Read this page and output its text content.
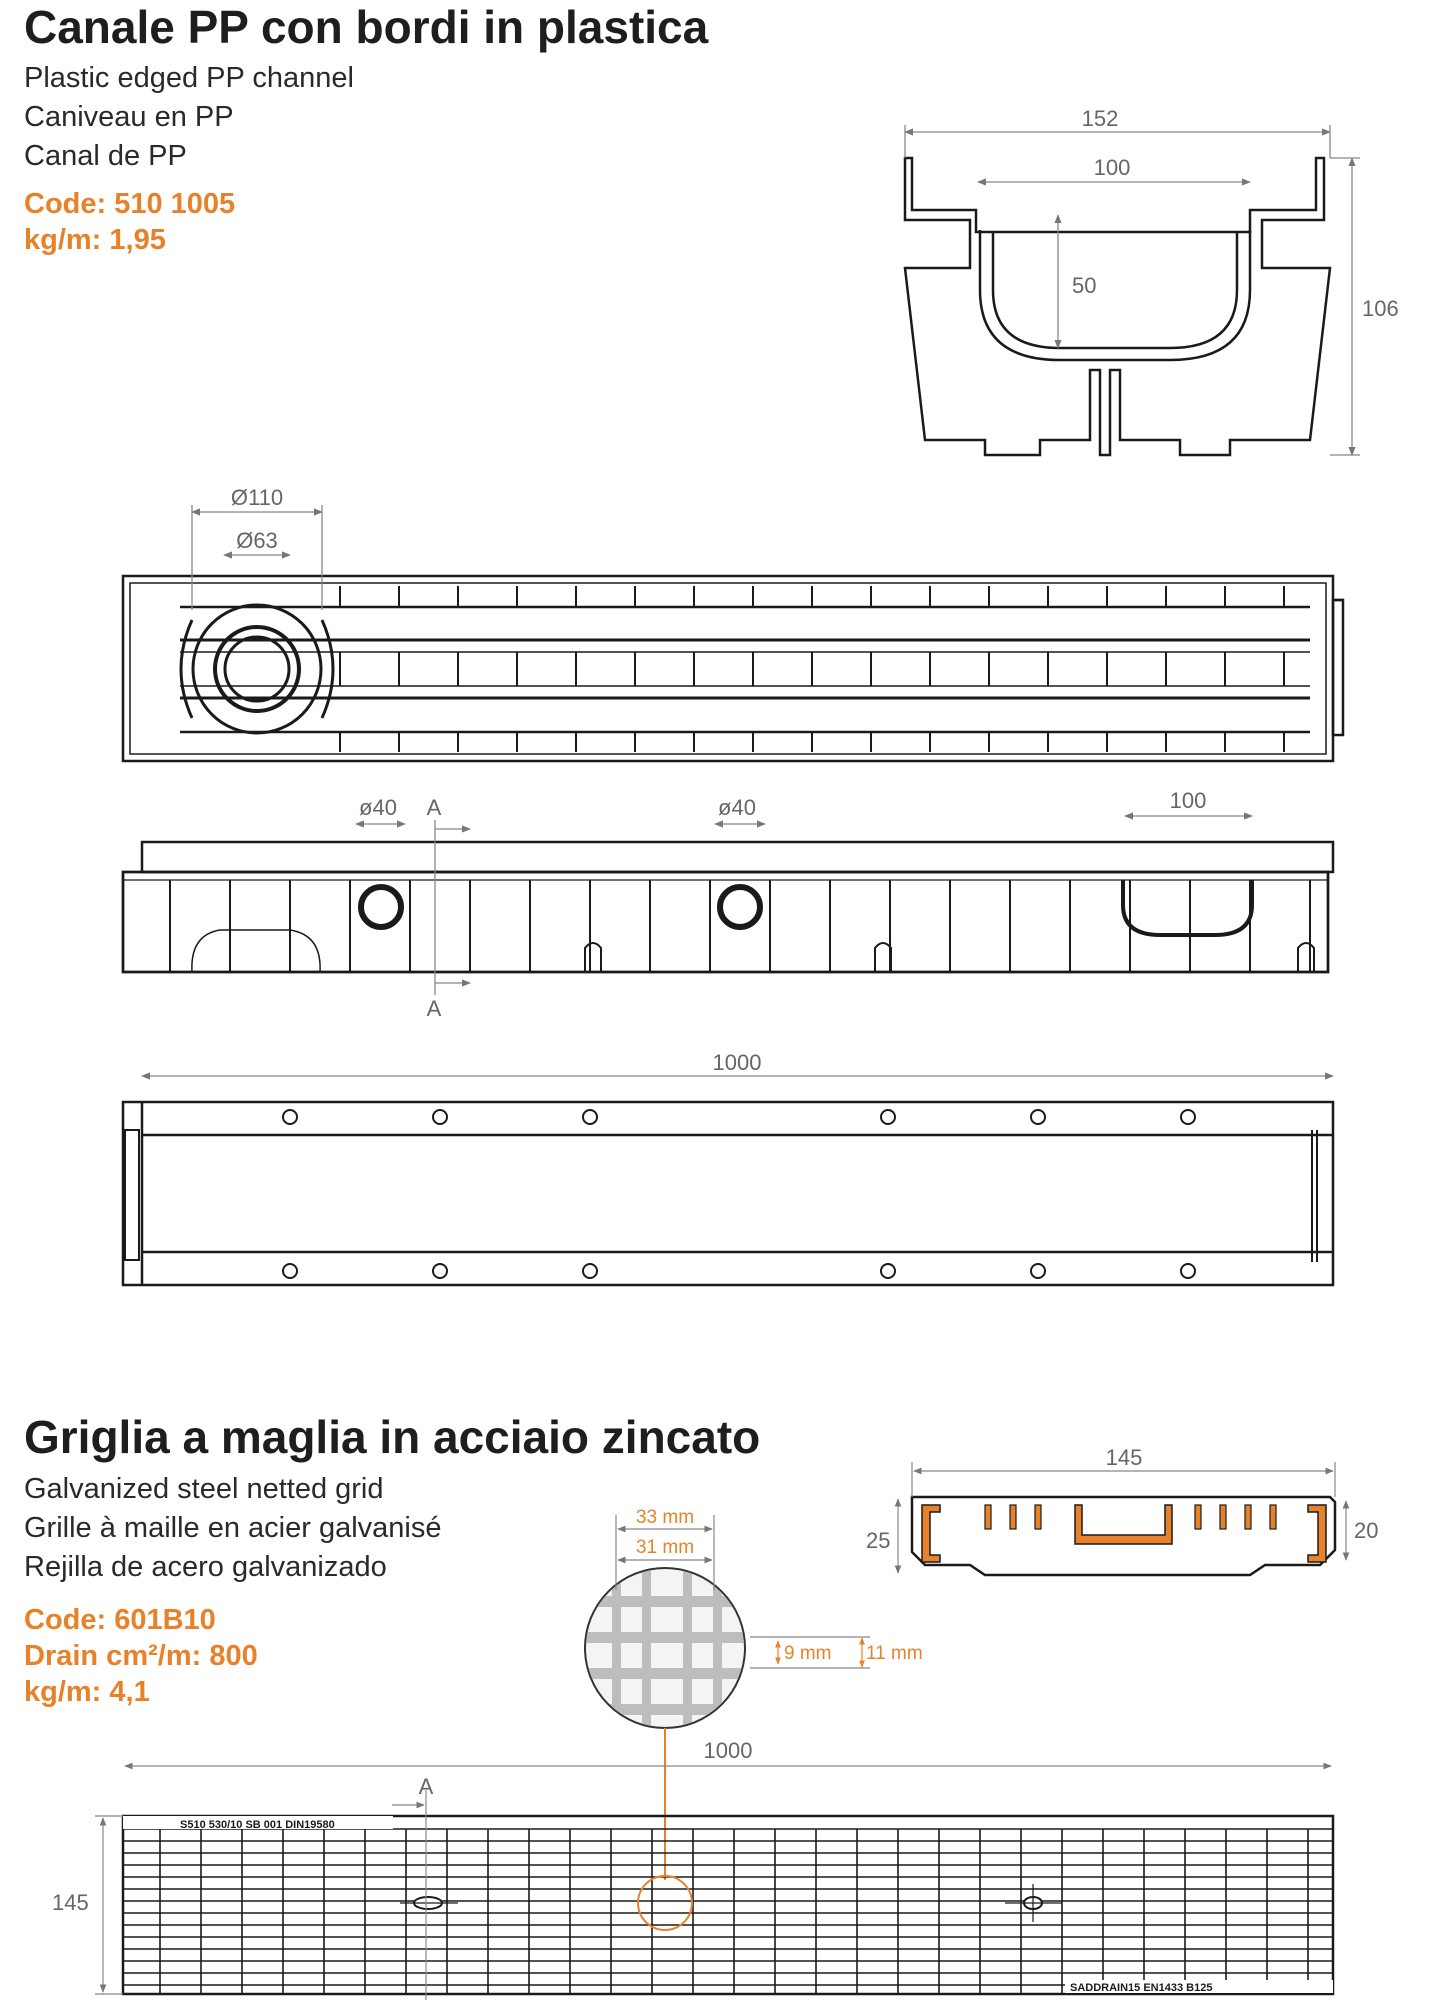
Canale PP con bordi in plastica
Plastic edged PP channel
Caniveau en PP
Canal de PP
Code: 510 1005
kg/m: 1,95
152
100
50
106
Ø110
Ø63
ø40	ø40
A
A
100
1000
Griglia a maglia in acciaio zincato
Galvanized steel netted grid
Grille à maille en acier galvanisé
Rejilla de acero galvanizado
Code: 601B10
Drain cm²/m: 800
kg/m: 4,1
33 mm
31 mm
9 mm 11 mm
145
25	20
S510 530/10 SB 001 DIN19580
SADDRAIN15 EN1433 B125
1000
145
A
